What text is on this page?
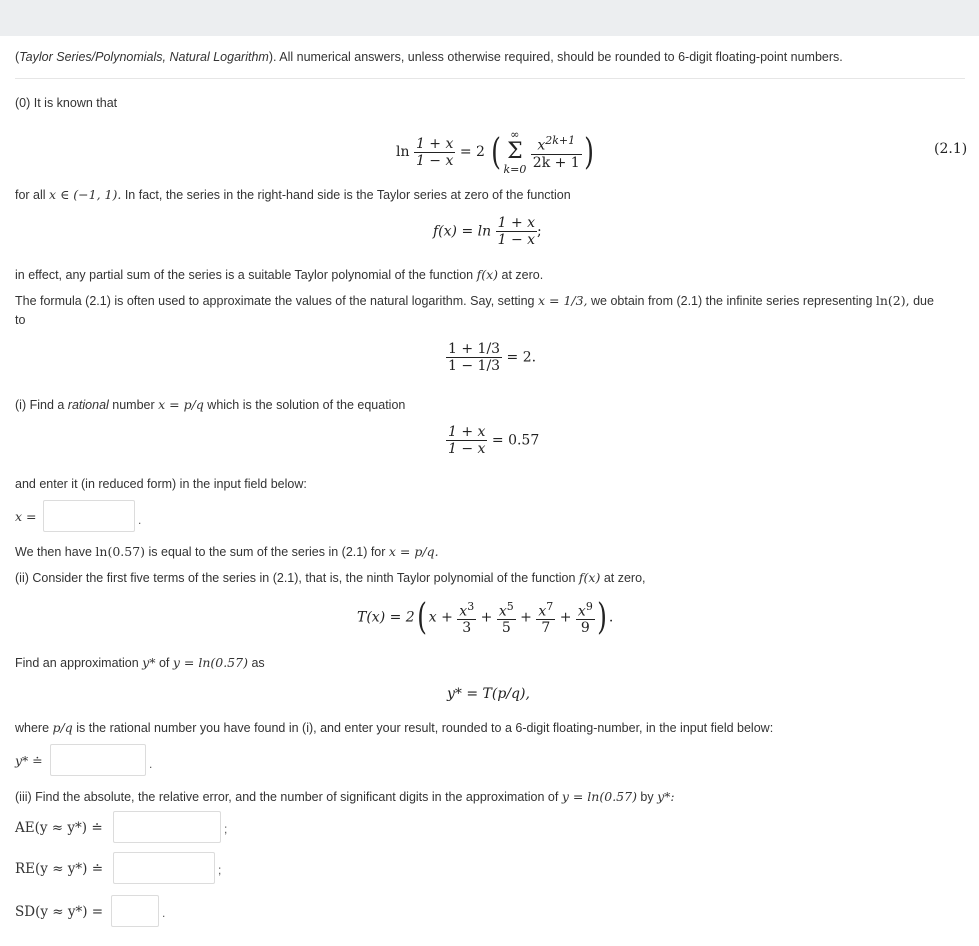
(Taylor Series/Polynomials, Natural Logarithm). All numerical answers, unless otherwise required, should be rounded to 6-digit floating-point numbers.
(0) It is known that
$\ln \frac{1 + x}{1 - x} = 2$ ( ∞
Σ
$k=0 \frac{x^{2k+1}}{2k + 1}$ )	(2.1)
for all x ∈ (−1, 1). In fact, the series in the right-hand side is the Taylor series at zero of the function
$f(x) = \ln \frac{1 + x}{1 - x}$ ;
in effect, any partial sum of the series is a suitable Taylor polynomial of the function f(x) at zero.
The formula (2.1) is often used to approximate the values of the natural logarithm. Say, setting x = 1/3, we obtain from (2.1) the infinite series representing ln(2), due
to
$\frac{1 + 1/3}{1 - 1/3} = 2$.
(i) Find a rational number x = p/q which is the solution of the equation
$\frac{1 + x}{1 - x} = 0.57$
and enter it (in reduced form) in the input field below:
x =	.
We then have ln(0.57) is equal to the sum of the series in (2.1) for x = p/q.
(ii) Consider the first five terms of the series in (2.1), that is, the ninth Taylor polynomial of the function f(x) at zero,
T(x) = 2( $x + \frac{x^3}{3} + \frac{x^5}{5} + \frac{x^7}{7} + \frac{x^9}{9}$ ) .
Find an approximation y* of y = ln(0.57) as
y* = T(p/q),
where p/q is the rational number you have found in (i), and enter your result, rounded to a 6-digit floating-number, in the input field below:
y* ≐	.
(iii) Find the absolute, the relative error, and the number of significant digits in the approximation of y = ln(0.57) by y*:
AE(y ≈ y*) ≐	;
RE(y ≈ y*) ≐	;
SD(y ≈ y*) =	.
